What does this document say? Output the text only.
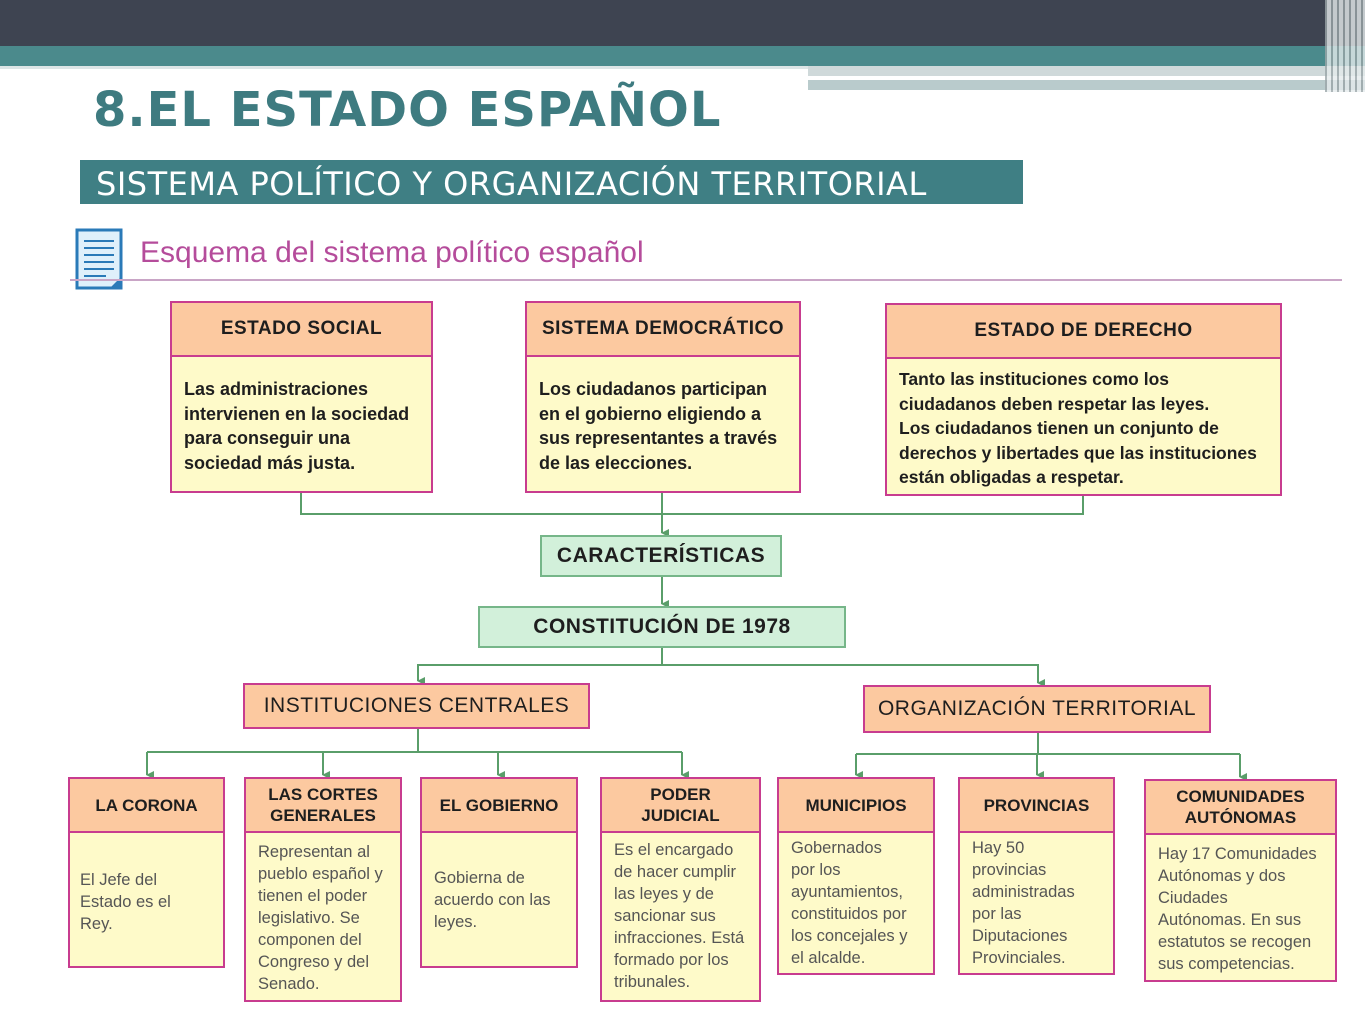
8.EL ESTADO ESPAÑOL
SISTEMA POLÍTICO Y ORGANIZACIÓN TERRITORIAL
Esquema del sistema político español
ESTADO SOCIAL
Las administraciones
intervienen en la sociedad
para conseguir una
sociedad más justa.
SISTEMA DEMOCRÁTICO
Los ciudadanos participan
en el gobierno eligiendo a
sus representantes a través
de las elecciones.
ESTADO DE DERECHO
Tanto las instituciones como los
ciudadanos deben respetar las leyes.
Los ciudadanos tienen un conjunto de
derechos y libertades que las instituciones
están obligadas a respetar.
CARACTERÍSTICAS
CONSTITUCIÓN DE 1978
INSTITUCIONES CENTRALES	ORGANIZACIÓN TERRITORIAL
LA CORONA
El Jefe del
Estado es el
Rey.
LAS CORTES
GENERALES
Representan al
pueblo español y
tienen el poder
legislativo. Se
componen del
Congreso y del
Senado.
EL GOBIERNO
Gobierna de
acuerdo con las
leyes.
PODER
JUDICIAL
Es el encargado
de hacer cumplir
las leyes y de
sancionar sus
infracciones. Está
formado por los
tribunales.
MUNICIPIOS
Gobernados
por los
ayuntamientos,
constituidos por
los concejales y
el alcalde.
PROVINCIAS
Hay 50
provincias
administradas
por las
Diputaciones
Provinciales.
COMUNIDADES
AUTÓNOMAS
Hay 17 Comunidades
Autónomas y dos
Ciudades
Autónomas. En sus
estatutos se recogen
sus competencias.
